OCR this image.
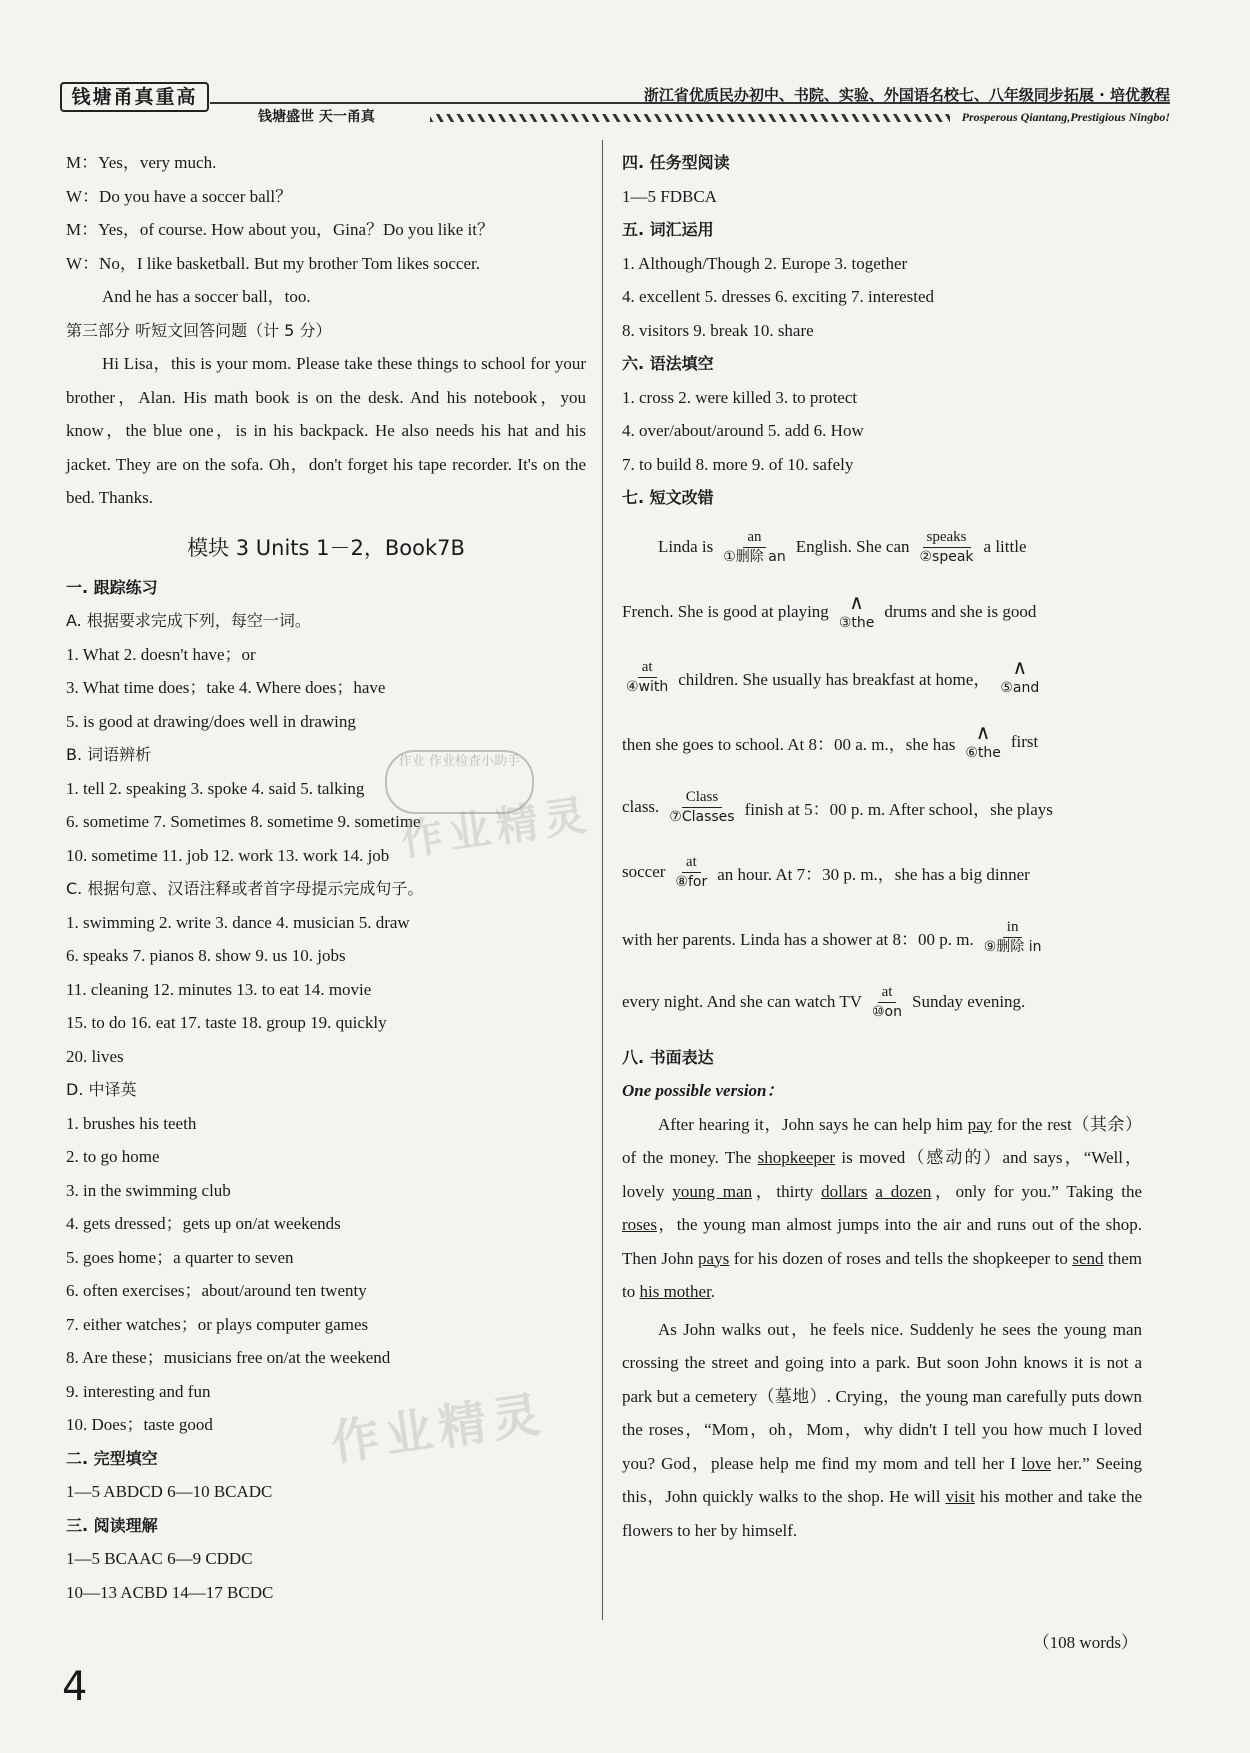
钱塘甬真重高
钱塘盛世 天一甬真
浙江省优质民办初中、书院、实验、外国语名校七、八年级同步拓展 · 培优教程
Prosperous Qiantang,Prestigious Ningbo!
M：Yes，very much.
W：Do you have a soccer ball？
M：Yes，of course. How about you，Gina？Do you like it？
W：No，I like basketball. But my brother Tom likes soccer.
And he has a soccer ball，too.
第三部分 听短文回答问题（计 5 分）
Hi Lisa，this is your mom. Please take these things to school for your brother，Alan. His math book is on the desk. And his notebook，you know，the blue one，is in his backpack. He also needs his hat and his jacket. They are on the sofa. Oh，don't forget his tape recorder. It's on the bed. Thanks.
模块 3 Units 1－2，Book7B
一. 跟踪练习
A. 根据要求完成下列，每空一词。
1. What 2. doesn't have；or
3. What time does；take 4. Where does；have
5. is good at drawing/does well in drawing
B. 词语辨析
1. tell 2. speaking 3. spoke 4. said 5. talking
6. sometime 7. Sometimes 8. sometime 9. sometime
10. sometime 11. job 12. work 13. work 14. job
C. 根据句意、汉语注释或者首字母提示完成句子。
1. swimming 2. write 3. dance 4. musician 5. draw
6. speaks 7. pianos 8. show 9. us 10. jobs
11. cleaning 12. minutes 13. to eat 14. movie
15. to do 16. eat 17. taste 18. group 19. quickly
20. lives
D. 中译英
1. brushes his teeth
2. to go home
3. in the swimming club
4. gets dressed；gets up on/at weekends
5. goes home；a quarter to seven
6. often exercises；about/around ten twenty
7. either watches；or plays computer games
8. Are these；musicians free on/at the weekend
9. interesting and fun
10. Does；taste good
二. 完型填空
1—5 ABDCD 6—10 BCADC
三. 阅读理解
1—5 BCAAC 6—9 CDDC
10—13 ACBD 14—17 BCDC
四. 任务型阅读
1—5 FDBCA
五. 词汇运用
1. Although/Though 2. Europe 3. together
4. excellent 5. dresses 6. exciting 7. interested
8. visitors 9. break 10. share
六. 语法填空
1. cross 2. were killed 3. to protect
4. over/about/around 5. add 6. How
7. to build 8. more 9. of 10. safely
七. 短文改错
Linda is $\frac{an}{\text{①删除 an}}$ English. She can $\frac{\text{speaks}}{\text{②speak}}$ a little
French. She is good at playing ∧
③the
drums and she is good
$\frac{at}{\text{④with}}$ children. She usually has breakfast at home，
∧
⑤and
then she goes to school. At 8：00 a. m.，she has
∧
⑥the
first
class. $\frac{\text{Class}}{\text{⑦Classes}}$ finish at 5：00 p. m. After school，she plays
soccer $\frac{at}{\text{⑧for}}$ an hour. At 7：30 p. m.，she has a big dinner
with her parents. Linda has a shower at 8：00 p. m. $\frac{in}{\text{⑨删除 in}}$
every night. And she can watch TV $\frac{at}{\text{⑩on}}$ Sunday evening.
八. 书面表达
One possible version：
After hearing it，John says he can help him pay for the rest（其余）of the money. The shopkeeper is moved（感动的）and says，“Well，lovely young man，thirty dollars a dozen，only for you.” Taking the roses，the young man almost jumps into the air and runs out of the shop. Then John pays for his dozen of roses and tells the shopkeeper to send them to his mother.
As John walks out，he feels nice. Suddenly he sees the young man crossing the street and going into a park. But soon John knows it is not a park but a cemetery（墓地）. Crying，the young man carefully puts down the roses，“Mom，oh，Mom，why didn't I tell you how much I loved you? God，please help me find my mom and tell her I love her.” Seeing this，John quickly walks to the shop. He will visit his mother and take the flowers to her by himself.
（108 words）
作业 作业检查小助手
作业精灵
作业精灵
4
